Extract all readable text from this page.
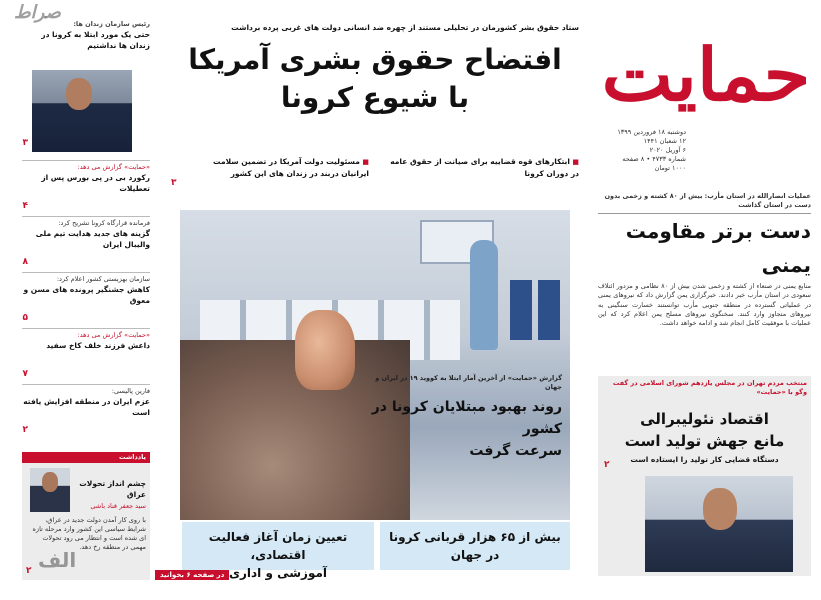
حمایت
دوشنبه ۱۸ فروردین ۱۳۹۹
۱۲ شعبان ۱۴۴۱
۶ آوریل ۲۰۲۰
شماره ۴۷۳۳ • ۸ صفحه
۱۰۰۰ تومان
عملیات انصارالله در استان مأرب: بیش از ۸۰ کشته و زخمی بدون دست در استان گذاشت
دست برتر مقاومت یمنی
منابع یمنی در صنعاء از کشته و زخمی شدن بیش از ۸۰ نظامی و مزدور ائتلاف سعودی در استان مأرب خبر دادند. خبرگزاری یمن گزارش داد که نیروهای یمنی در عملیاتی گسترده در منطقه جنوبی مأرب توانستند خسارت سنگینی به نیروهای متجاوز وارد کنند. سخنگوی نیروهای مسلح یمن اعلام کرد که این عملیات با موفقیت کامل انجام شد و ادامه خواهد داشت.
منتخب مردم تهران در مجلس یازدهم شورای اسلامی در گفت وگو با «حمایت»
اقتصاد نئولیبرالی
مانع جهش تولید است
دستگاه قضایی کار تولید را ایستاده است
۲
ستاد حقوق بشر کشورمان در تحلیلی مستند از چهره ضد انسانی دولت های غربی پرده برداشت
افتضاح حقوق بشری آمریکا
با شیوع کرونا
■ ابتکارهای قوه قضاییه برای صیانت از حقوق عامه در دوران کرونا
■ مسئولیت دولت آمریکا در تضمین سلامت ایرانیان دربند در زندان های این کشور
۳
گزارش «حمایت» از آخرین آمار ابتلا به کووید ۱۹ در ایران و جهان
روند بهبود مبتلایان کرونا در کشور
سرعت گرفت
بیش از ۶۵ هزار قربانی کرونا
در جهان
تعیین زمان آغاز فعالیت اقتصادی،
آموزشی و اداری
در صفحه ۶ بخوانید
رئیس سازمان زندان ها:
حتی یک مورد ابتلا به کرونا در زندان ها نداشتیم
۳
«حمایت» گزارش می دهد:
رکورد بی در پی بورس پس از تعطیلات
۴
فرمانده قرارگاه کرونا تشریح کرد:
گزینه های جدید هدایت تیم ملی والیبال ایران
۸
سازمان بهزیستی کشور اعلام کرد:
کاهش جشنگیر پرونده های مسن و معوق
۵
«حمایت» گزارش می دهد:
داعش فرزند خلف کاخ سفید
۷
فارین پالیسی:
عزم ایران در منطقه افزایش یافته است
۲
یادداشت
چشم انداز تحولات عراق
سید جعفر قناد باشی
با روی کار آمدن دولت جدید در عراق، شرایط سیاسی این کشور وارد مرحله تازه ای شده است و انتظار می رود تحولات مهمی در منطقه رخ دهد.
۲
صراط
الف
